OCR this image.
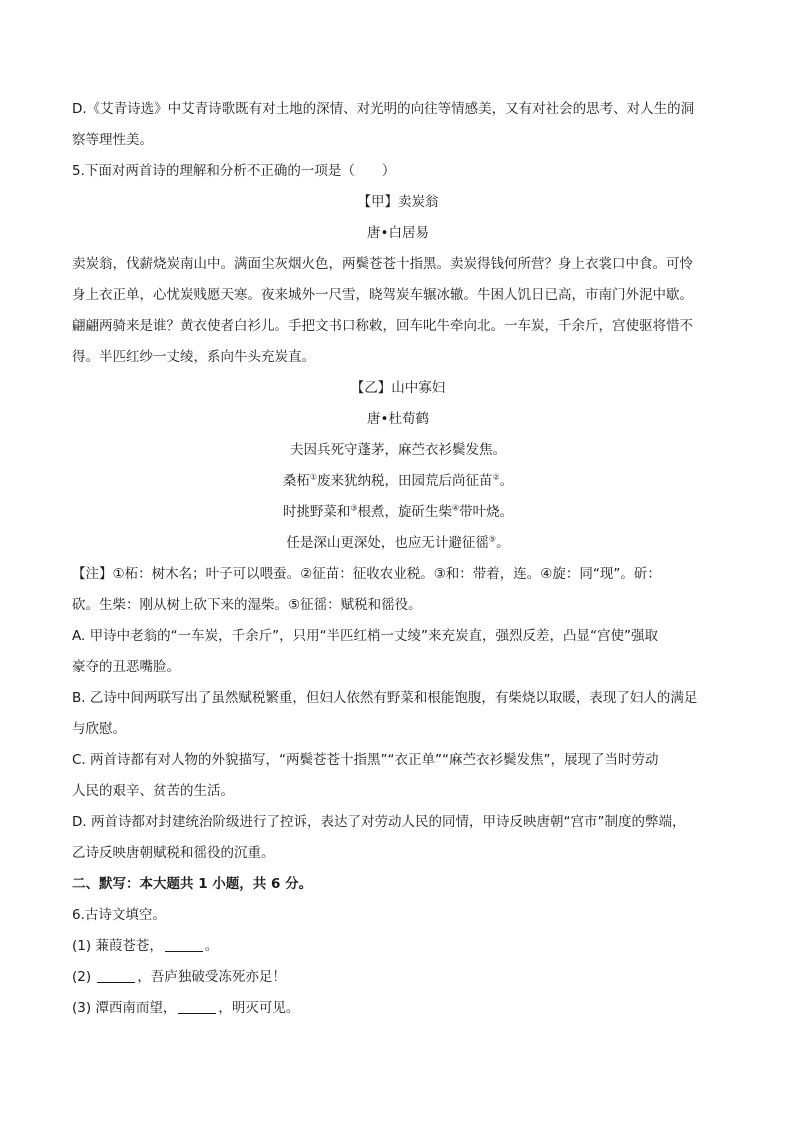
D.《艾青诗选》中艾青诗歌既有对土地的深情、对光明的向往等情感美，又有对社会的思考、对人生的洞

察等理性美。

5.下面对两首诗的理解和分析不正确的一项是（　　）

【甲】卖炭翁

唐•白居易

卖炭翁，伐薪烧炭南山中。满面尘灰烟火色，两鬓苍苍十指黑。卖炭得钱何所营？身上衣裳口中食。可怜

身上衣正单，心忧炭贱愿天寒。夜来城外一尺雪，晓驾炭车辗冰辙。牛困人饥日已高，市南门外泥中歇。

翩翩两骑来是谁？黄衣使者白衫儿。手把文书口称敕，回车叱牛牵向北。一车炭，千余斤，宫使驱将惜不

得。半匹红纱一丈绫，系向牛头充炭直。

【乙】山中寡妇

唐•杜荀鹤

夫因兵死守蓬茅，麻苎衣衫鬓发焦。

桑柘①废来犹纳税，田园荒后尚征苗②。

时挑野菜和③根煮，旋斫生柴④带叶烧。

任是深山更深处，也应无计避征徭⑤。

【注】①柘：树木名；叶子可以喂蚕。②征苗：征收农业税。③和：带着，连。④旋：同“现”。斫：

砍。生柴：刚从树上砍下来的湿柴。⑤征徭：赋税和徭役。

A. 甲诗中老翁的“一车炭，千余斤”，只用“半匹红梢一丈绫”来充炭直，强烈反差，凸显“宫使”强取

豪夺的丑恶嘴脸。

B. 乙诗中间两联写出了虽然赋税繁重，但妇人依然有野菜和根能饱腹，有柴烧以取暖，表现了妇人的满足

与欣慰。

C. 两首诗都有对人物的外貌描写，“两鬓苍苍十指黑”“衣正单”“麻苎衣衫鬓发焦”，展现了当时劳动

人民的艰辛、贫苦的生活。

D. 两首诗都对封建统治阶级进行了控诉，表达了对劳动人民的同情，甲诗反映唐朝“宫市”制度的弊端，

乙诗反映唐朝赋税和徭役的沉重。

二、默写：本大题共 1 小题，共 6 分。

6.古诗文填空。

(1) 蒹葭苍苍，	。

(2)	，吾庐独破受冻死亦足！

(3) 潭西南而望，	，明灭可见。
